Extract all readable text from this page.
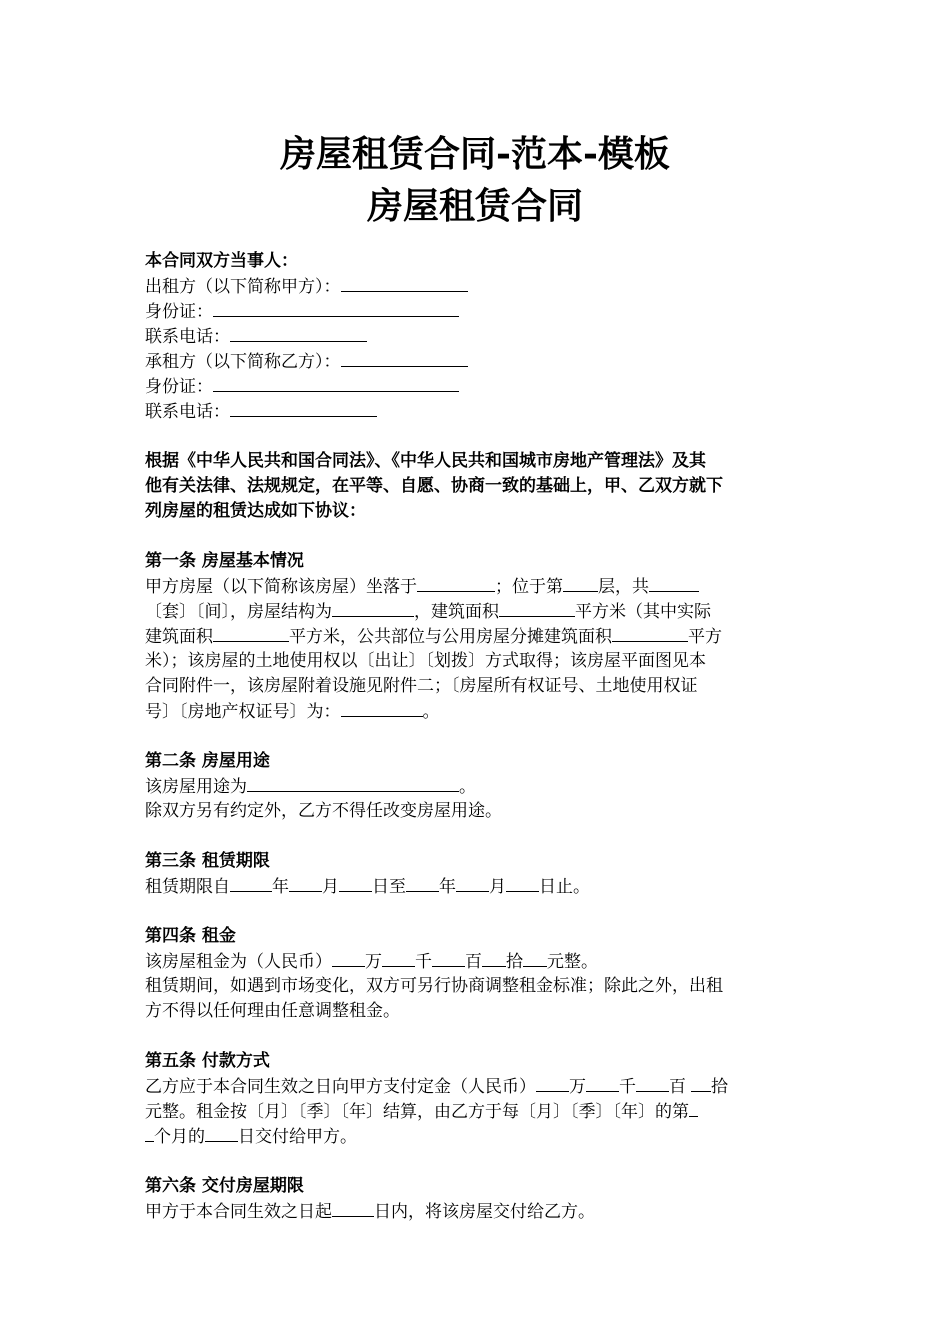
房屋租赁合同-范本-模板
房屋租赁合同
本合同双方当事人：
出租方（以下简称甲方）：
身份证：
联系电话：
承租方（以下简称乙方）：
身份证：
联系电话：
根据《中华人民共和国合同法》、《中华人民共和国城市房地产管理法》及其
他有关法律、法规规定，在平等、自愿、协商一致的基础上，甲、乙双方就下
列房屋的租赁达成如下协议：
第一条 房屋基本情况
甲方房屋（以下简称该房屋）坐落于	；位于第 层，共
〔套〕〔间〕，房屋结构为	，建筑面积	平方米（其中实际
建筑面积	平方米，公共部位与公用房屋分摊建筑面积	平方
米）；该房屋的土地使用权以〔出让〕〔划拨〕方式取得；该房屋平面图见本
合同附件一，该房屋附着设施见附件二；〔房屋所有权证号、土地使用权证
号〕〔房地产权证号〕为：	。
第二条 房屋用途
该房屋用途为	。
除双方另有约定外，乙方不得任改变房屋用途。
第三条 租赁期限
租赁期限自 年 月 日至 年 月 日止。
第四条 租金
该房屋租金为（人民币） 万 千 百 拾 元整。
租赁期间，如遇到市场变化，双方可另行协商调整租金标准；除此之外，出租
方不得以任何理由任意调整租金。
第五条 付款方式
乙方应于本合同生效之日向甲方支付定金（人民币） 万 千 百 拾
元整。租金按〔月〕〔季〕〔年〕结算，由乙方于每〔月〕〔季〕〔年〕的第
个月的 日交付给甲方。
第六条 交付房屋期限
甲方于本合同生效之日起 日内，将该房屋交付给乙方。
